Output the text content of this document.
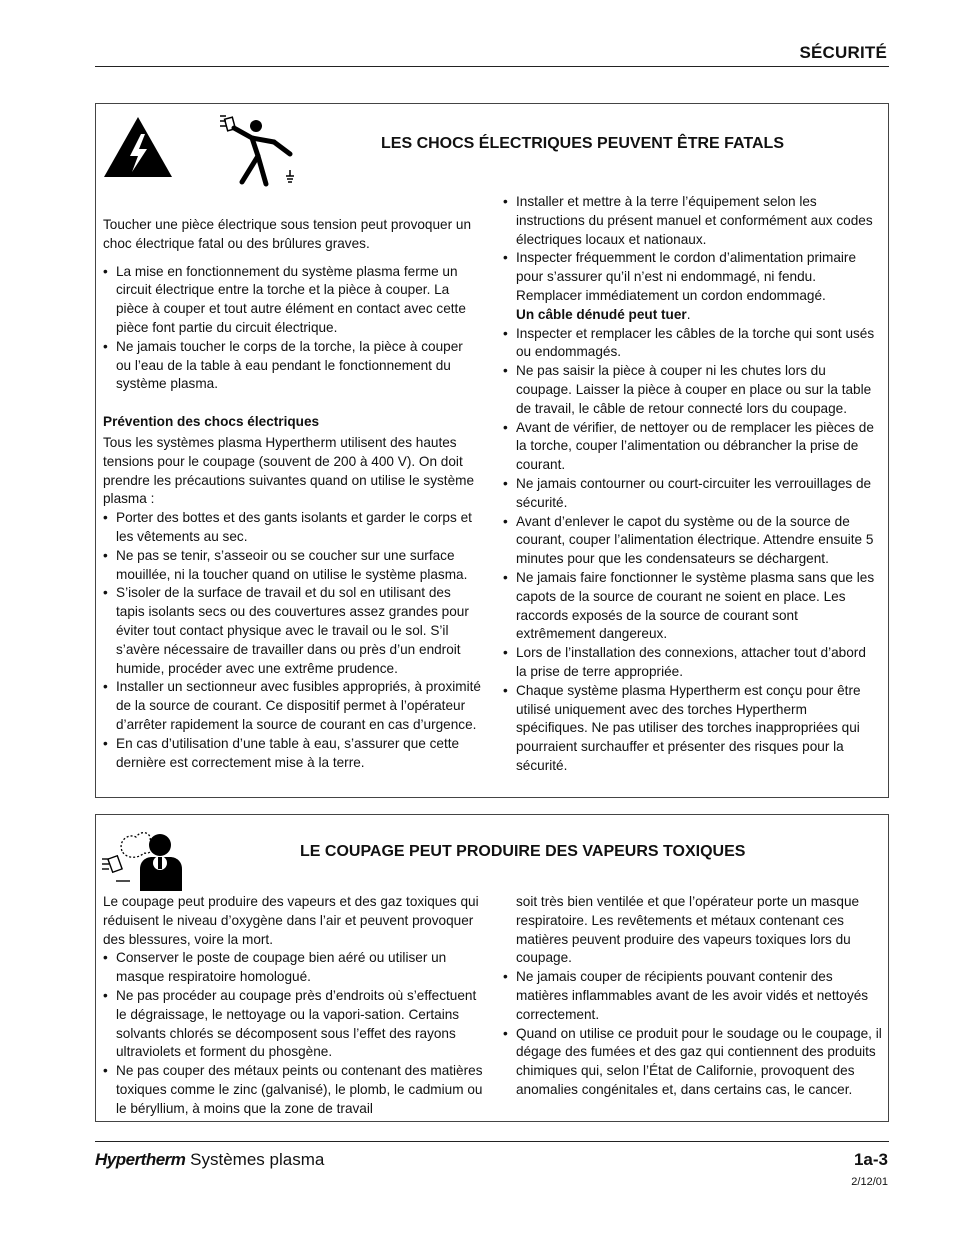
SÉCURITÉ
LES CHOCS ÉLECTRIQUES PEUVENT ÊTRE FATALS

Toucher une pièce électrique sous tension peut provoquer un choc électrique fatal ou des brûlures graves.

• La mise en fonctionnement du système plasma ferme un circuit électrique entre la torche et la pièce à couper. La pièce à couper et tout autre élément en contact avec cette pièce font partie du circuit électrique.
• Ne jamais toucher le corps de la torche, la pièce à couper ou l’eau de la table à eau pendant le fonctionnement du système plasma.

Prévention des chocs électriques

Tous les systèmes plasma Hypertherm utilisent des hautes tensions pour le coupage (souvent de 200 à 400 V). On doit prendre les précautions suivantes quand on utilise le système plasma :

• Porter des bottes et des gants isolants et garder le corps et les vêtements au sec.
• Ne pas se tenir, s’asseoir ou se coucher sur une surface mouillée, ni la toucher quand on utilise le système plasma.
• S’isoler de la surface de travail et du sol en utilisant des tapis isolants secs ou des couvertures assez grandes pour éviter tout contact physique avec le travail ou le sol. S’il s’avère nécessaire de travailler dans ou près d’un endroit humide, procéder avec une extrême prudence.
• Installer un sectionneur avec fusibles appropriés, à proximité de la source de courant. Ce dispositif permet à l’opérateur d’arrêter rapidement la source de courant en cas d’urgence.
• En cas d’utilisation d’une table à eau, s’assurer que cette dernière est correctement mise à la terre.
• Installer et mettre à la terre l’équipement selon les instructions du présent manuel et conformément aux codes électriques locaux et nationaux.
• Inspecter fréquemment le cordon d’alimentation primaire pour s’assurer qu’il n’est ni endommagé, ni fendu. Remplacer immédiatement un cordon endommagé.
Un câble dénudé peut tuer.
• Inspecter et remplacer les câbles de la torche qui sont usés ou endommagés.
• Ne pas saisir la pièce à couper ni les chutes lors du coupage. Laisser la pièce à couper en place ou sur la table de travail, le câble de retour connecté lors du coupage.
• Avant de vérifier, de nettoyer ou de remplacer les pièces de la torche, couper l’alimentation ou débrancher la prise de courant.
• Ne jamais contourner ou court-circuiter les verrouillages de sécurité.
• Avant d’enlever le capot du système ou de la source de courant, couper l’alimentation électrique. Attendre ensuite 5 minutes pour que les condensateurs se déchargent.
• Ne jamais faire fonctionner le système plasma sans que les capots de la source de courant ne soient en place. Les raccords exposés de la source de courant sont extrêmement dangereux.
• Lors de l’installation des connexions, attacher tout d’abord la prise de terre appropriée.
• Chaque système plasma Hypertherm est conçu pour être utilisé uniquement avec des torches Hypertherm spécifiques. Ne pas utiliser des torches inappropriées qui pourraient surchauffer et présenter des risques pour la sécurité.
LE COUPAGE PEUT PRODUIRE DES VAPEURS TOXIQUES

Le coupage peut produire des vapeurs et des gaz toxiques qui réduisent le niveau d’oxygène dans l’air et peuvent provoquer des blessures, voire la mort.

• Conserver le poste de coupage bien aéré ou utiliser un masque respiratoire homologué.
• Ne pas procéder au coupage près d’endroits où s’effectuent le dégraissage, le nettoyage ou la vapori-sation. Certains solvants chlorés se décomposent sous l’effet des rayons ultraviolets et forment du phosgène.
• Ne pas couper des métaux peints ou contenant des matières toxiques comme le zinc (galvanisé), le plomb, le cadmium ou le béryllium, à moins que la zone de travail
soit très bien ventilée et que l’opérateur porte un masque respiratoire. Les revêtements et métaux contenant ces matières peuvent produire des vapeurs toxiques lors du coupage.
• Ne jamais couper de récipients pouvant contenir des matières inflammables avant de les avoir vidés et nettoyés correctement.
• Quand on utilise ce produit pour le soudage ou le coupage, il dégage des fumées et des gaz qui contiennent des produits chimiques qui, selon l’État de Californie, provoquent des anomalies congénitales et, dans certains cas, le cancer.
Hypertherm Systèmes plasma	1a-3
2/12/01
